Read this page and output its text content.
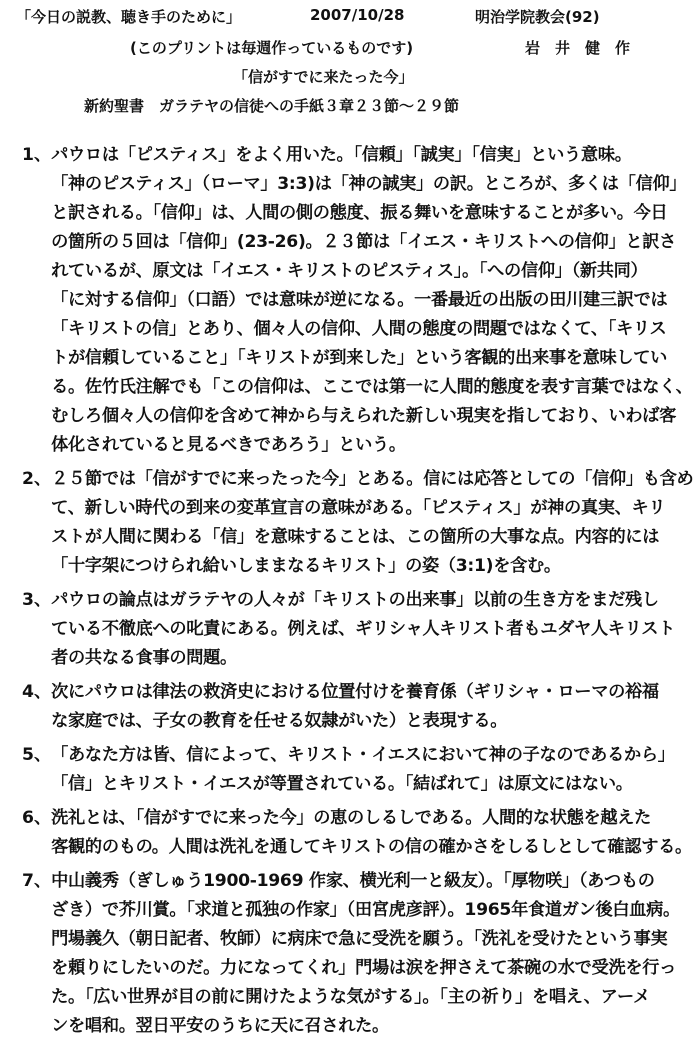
「今日の説教、聴き手のために」	2007/10/28	明治学院教会(92)
(このプリントは毎週作っているものです)	岩　井　健　作
「信がすでに来たった今」
新約聖書　ガラテヤの信徒への手紙３章２３節〜２９節
1、 パウロは「ピスティス」をよく用いた。「信頼」「誠実」「信実」という意味。
「神のピスティス」（ローマ」3:3)は「神の誠実」の訳。ところが、多くは「信仰」
と訳される。「信仰」は、人間の側の態度、振る舞いを意味することが多い。今日
の箇所の５回は「信仰」(23-26)。２３節は「イエス・キリストへの信仰」と訳さ
れているが、原文は「イエス・キリストのピスティス」。「への信仰」（新共同）
「に対する信仰」（口語）では意味が逆になる。一番最近の出版の田川建三訳では
「キリストの信」とあり、個々人の信仰、人間の態度の問題ではなくて、「キリス
トが信頼していること」「キリストが到来した」という客観的出来事を意味してい
る。佐竹氏注解でも「この信仰は、ここでは第一に人間的態度を表す言葉ではなく、
むしろ個々人の信仰を含めて神から与えられた新しい現実を指しており、いわば客
体化されていると見るべきであろう」という。
2、 ２５節では「信がすでに来ったった今」とある。信には応答としての「信仰」も含め
て、新しい時代の到来の変革宣言の意味がある。「ピスティス」が神の真実、キリ
ストが人間に関わる「信」を意味することは、この箇所の大事な点。内容的には
「十字架につけられ給いしままなるキリスト」の姿（3:1)を含む。
3、 パウロの論点はガラテヤの人々が「キリストの出来事」以前の生き方をまだ残し
ている不徹底への叱責にある。例えば、ギリシャ人キリスト者もユダヤ人キリスト
者の共なる食事の問題。
4、 次にパウロは律法の救済史における位置付けを養育係（ギリシャ・ローマの裕福
な家庭では、子女の教育を任せる奴隷がいた）と表現する。
5、 「あなた方は皆、信によって、キリスト・イエスにおいて神の子なのであるから」
「信」とキリスト・イエスが等置されている。「結ばれて」は原文にはない。
6、 洗礼とは、「信がすでに来った今」の恵のしるしである。人間的な状態を越えた
客観的のもの。人間は洗礼を通してキリストの信の確かさをしるしとして確認する。
7、 中山義秀（ぎしゅう1900-1969 作家、横光利一と級友）。「厚物咲」（あつもの
ざき）で芥川賞。「求道と孤独の作家」（田宮虎彦評）。1965年食道ガン後白血病。
門場義久（朝日記者、牧師）に病床で急に受洗を願う。「洗礼を受けたという事実
を頼りにしたいのだ。力になってくれ」門場は涙を押さえて茶碗の水で受洗を行っ
た。「広い世界が目の前に開けたような気がする」。「主の祈り」を唱え、アーメ
ンを唱和。翌日平安のうちに天に召された。
